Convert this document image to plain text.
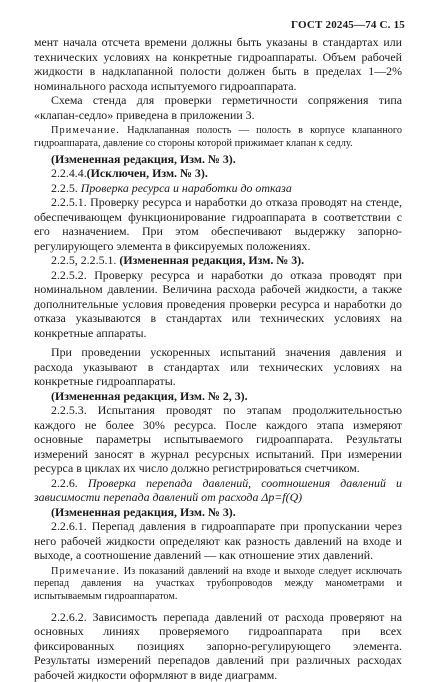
ГОСТ 20245—74 С. 15

мент начала отсчета времени должны быть указаны в стандартах или технических условиях на конкретные гидроаппараты. Объем рабочей жидкости в надклапанной полости должен быть в пределах 1—2% номинального расхода испытуемого гидроаппарата.

Схема стенда для проверки герметичности сопряжения типа «клапан-седло» приведена в приложении 3.

Примечание. Надклапанная полость — полость в корпусе клапанного гидроаппарата, давление со стороны которой прижимает клапан к седлу.

(Измененная редакция, Изм. № 3).

2.2.4.4.(Исключен, Изм. № 3).

2.2.5. Проверка ресурса и наработки до отказа

2.2.5.1. Проверку ресурса и наработки до отказа проводят на стенде, обеспечивающем функционирование гидроаппарата в соответствии с его назначением. При этом обеспечивают выдержку запорно-регулирующего элемента в фиксируемых положениях.

2.2.5, 2.2.5.1. (Измененная редакция, Изм. № 3).

2.2.5.2. Проверку ресурса и наработки до отказа проводят при номинальном давлении. Величина расхода рабочей жидкости, а также дополнительные условия проведения проверки ресурса и наработки до отказа указываются в стандартах или технических условиях на конкретные аппараты.

При проведении ускоренных испытаний значения давления и расхода указывают в стандартах или технических условиях на конкретные гидроаппараты.

(Измененная редакция, Изм. № 2, 3).

2.2.5.3. Испытания проводят по этапам продолжительностью каждого не более 30% ресурса. После каждого этапа измеряют основные параметры испытываемого гидроаппарата. Результаты измерений заносят в журнал ресурсных испытаний. При измерении ресурса в циклах их число должно регистрироваться счетчиком.

2.2.6. Проверка перепада давлений, соотношения давлений и зависимости перепада давлений от расхода Δp=f(Q)

(Измененная редакция, Изм. № 3).

2.2.6.1. Перепад давления в гидроаппарате при пропускании через него рабочей жидкости определяют как разность давлений на входе и выходе, а соотношение давлений — как отношение этих давлений.

Примечание. Из показаний давлений на входе и выходе следует исключать перепад давления на участках трубопроводов между манометрами и испытываемым гидроаппаратом.

2.2.6.2. Зависимость перепада давлений от расхода проверяют на основных линиях проверяемого гидроаппарата при всех фиксированных позициях запорно-регулирующего элемента. Результаты измерений перепадов давлений при различных расходах рабочей жидкости оформляют в виде диаграмм.
